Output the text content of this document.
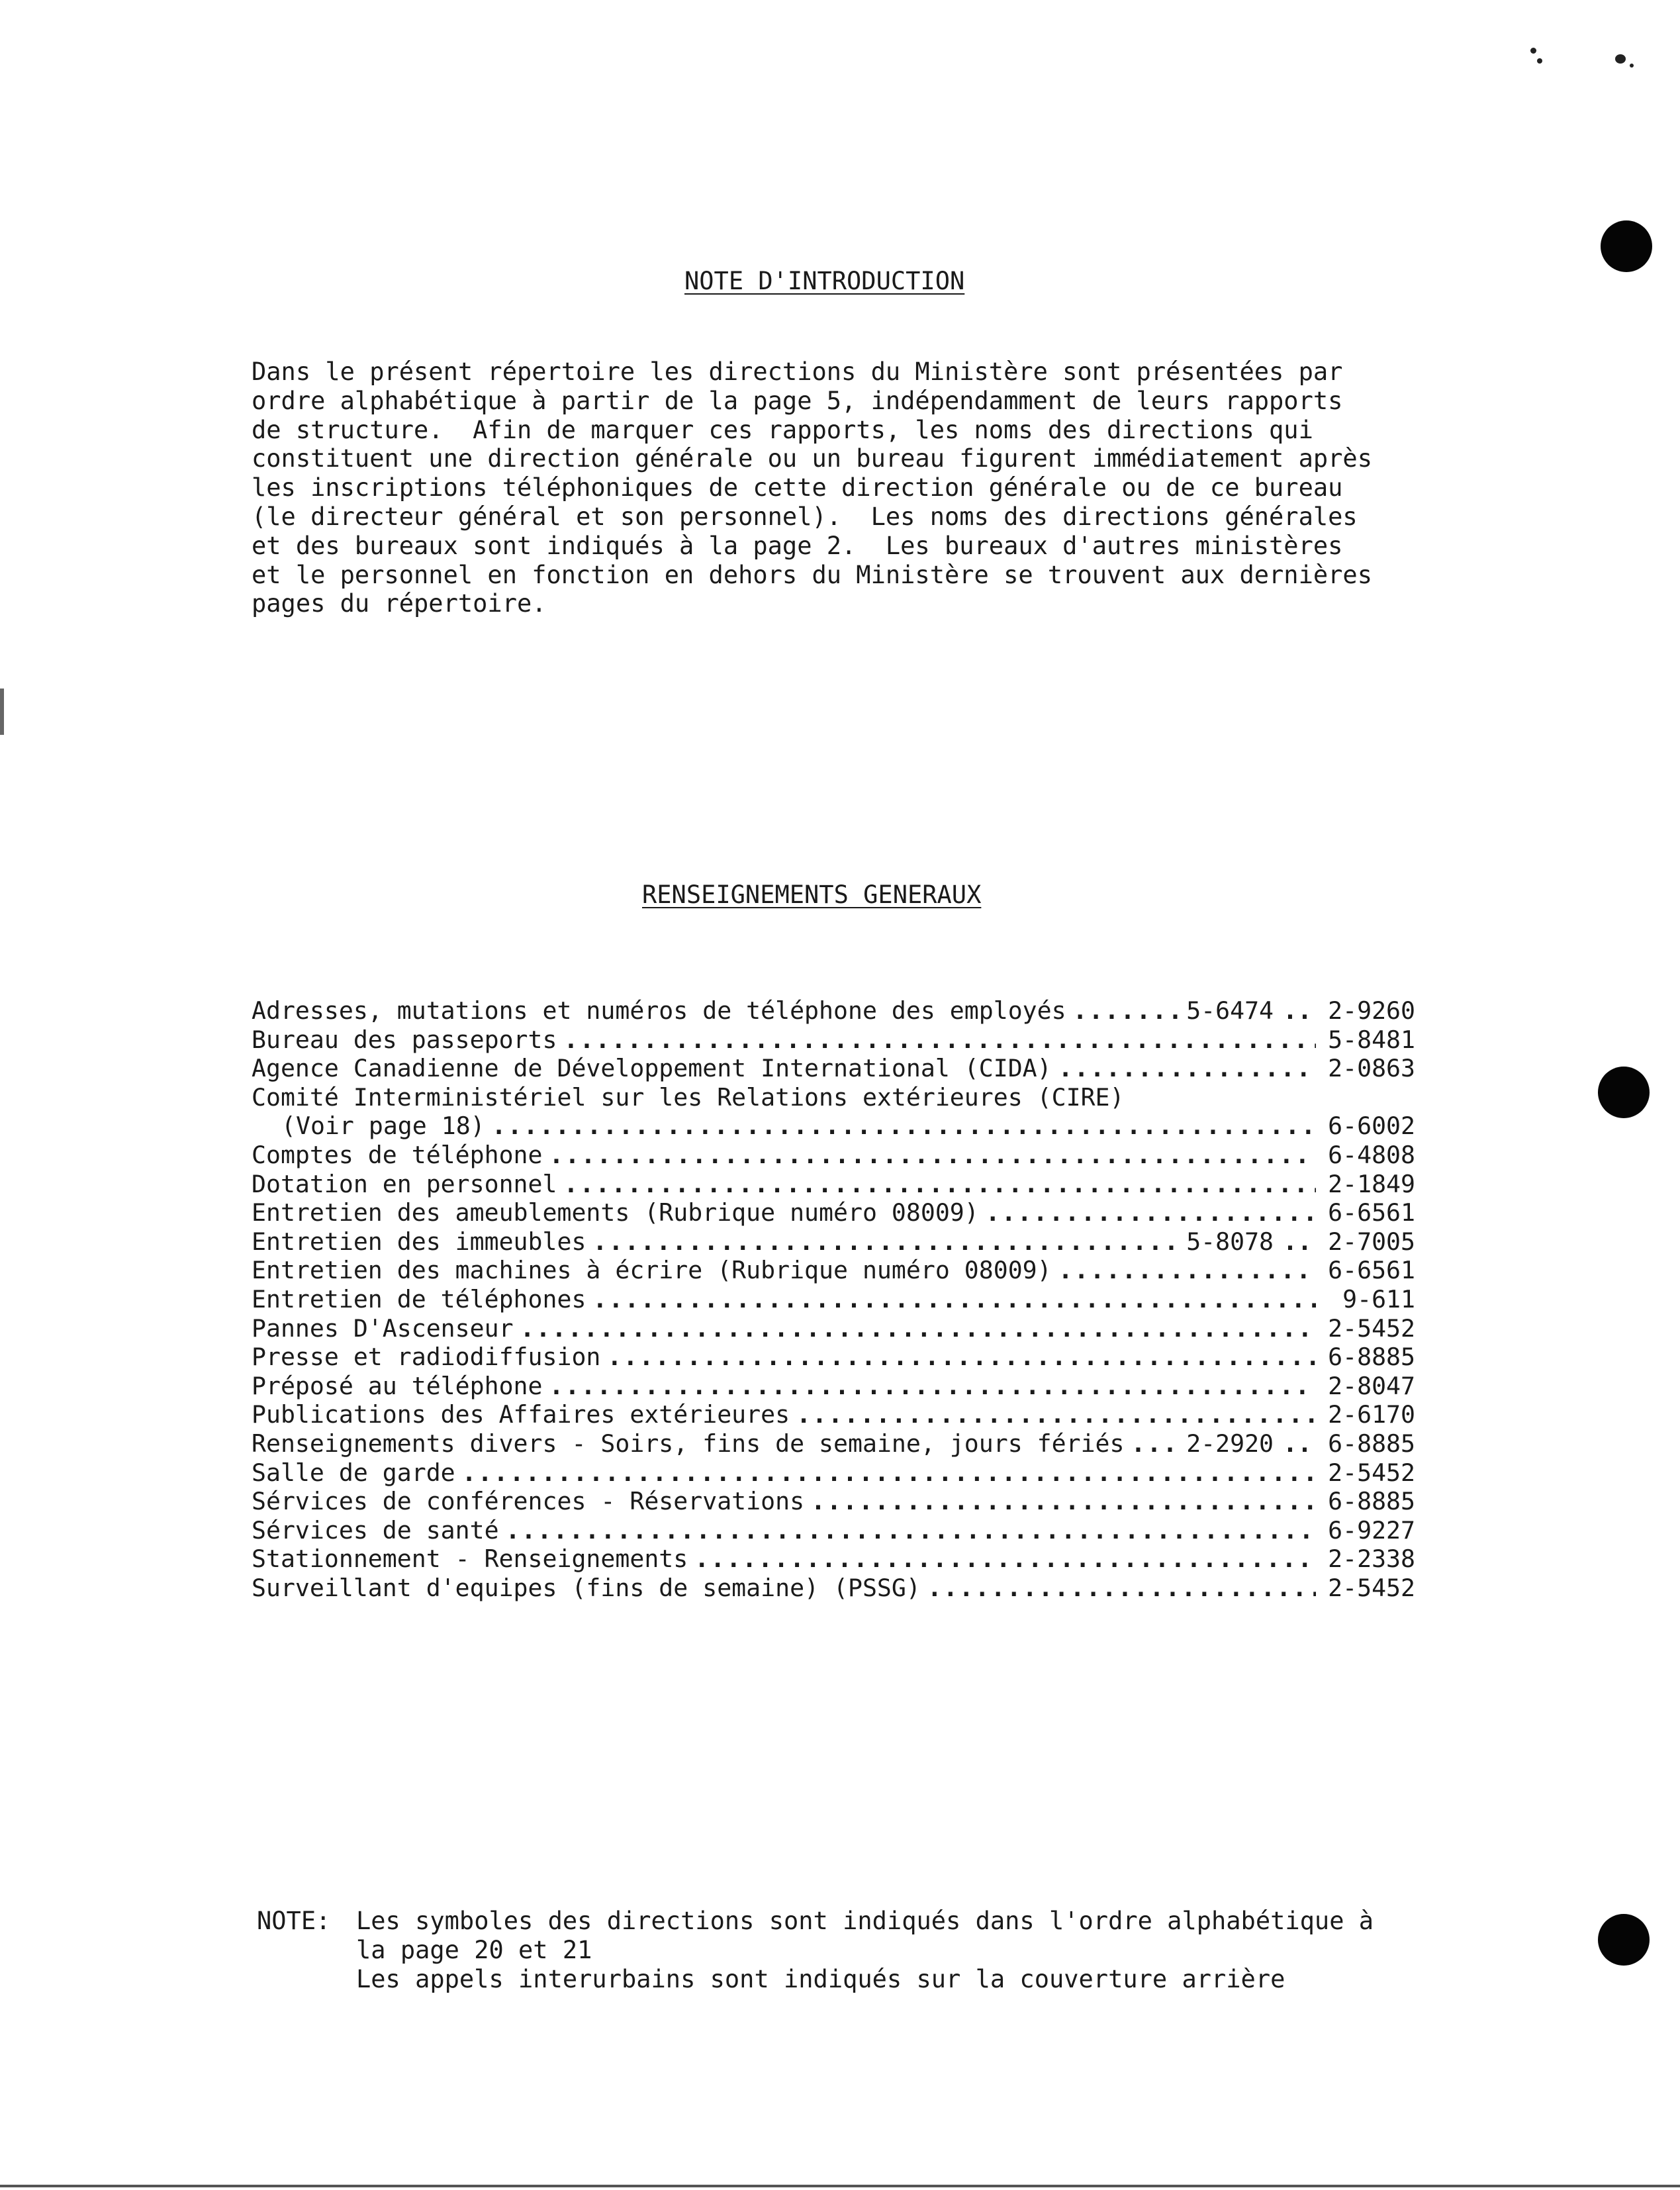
NOTE D'INTRODUCTION

Dans le présent répertoire les directions du Ministère sont présentées par
ordre alphabétique à partir de la page 5, indépendamment de leurs rapports
de structure.  Afin de marquer ces rapports, les noms des directions qui
constituent une direction générale ou un bureau figurent immédiatement après
les inscriptions téléphoniques de cette direction générale ou de ce bureau
(le directeur général et son personnel).  Les noms des directions générales
et des bureaux sont indiqués à la page 2.  Les bureaux d'autres ministères
et le personnel en fonction en dehors du Ministère se trouvent aux dernières
pages du répertoire.

RENSEIGNEMENTS GENERAUX
Adresses, mutations et numéros de téléphone des employés .....	5-6474 .. 2-9260
Bureau des passeports .....	5-8481
Agence Canadienne de Développement International (CIDA) .....	2-0863
Comité Interministériel sur les Relations extérieures (CIRE)
(Voir page 18) .....	6-6002
Comptes de téléphone .....	6-4808
Dotation en personnel .....	2-1849
Entretien des ameublements (Rubrique numéro 08009) .....	6-6561
Entretien des immeubles .....	5-8078 .. 2-7005
Entretien des machines à écrire (Rubrique numéro 08009) .....	6-6561
Entretien de téléphones .....	9-611
Pannes D'Ascenseur .....	2-5452
Presse et radiodiffusion .....	6-8885
Préposé au téléphone .....	2-8047
Publications des Affaires extérieures .....	2-6170
Renseignements divers - Soirs, fins de semaine, jours fériés .....	2-2920 .. 6-8885
Salle de garde .....	2-5452
Sérvices de conférences - Réservations .....	6-8885
Sérvices de santé .....	6-9227
Stationnement - Renseignements .....	2-2338
Surveillant d'equipes (fins de semaine) (PSSG) .....	2-5452
NOTE:	Les symboles des directions sont indiqués dans l'ordre alphabétique à
la page 20 et 21
Les appels interurbains sont indiqués sur la couverture arrière
